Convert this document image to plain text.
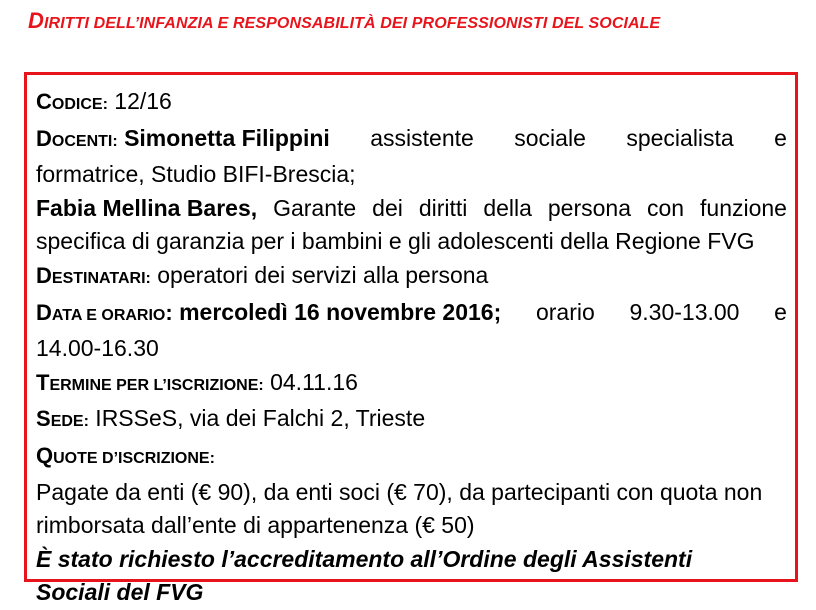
DIRITTI DELL’INFANZIA E RESPONSABILITÀ DEI PROFESSIONISTI DEL SOCIALE

CODICE: 12/16

DOCENTI: Simonetta Filippini assistente sociale specialista e

formatrice, Studio BIFI-Brescia;

Fabia Mellina Bares, Garante dei diritti della persona con funzione

specifica di garanzia per i bambini e gli adolescenti della Regione FVG

DESTINATARI: operatori dei servizi alla persona

DATA E ORARIO: mercoledì 16 novembre 2016; orario 9.30-13.00 e

14.00-16.30

TERMINE PER L’ISCRIZIONE: 04.11.16

SEDE: IRSSeS, via dei Falchi 2, Trieste

QUOTE D’ISCRIZIONE:

Pagate da enti (€ 90), da enti soci (€ 70), da partecipanti con quota non

rimborsata dall’ente di appartenenza (€ 50)

È stato richiesto l’accreditamento all’Ordine degli Assistenti

Sociali del FVG
